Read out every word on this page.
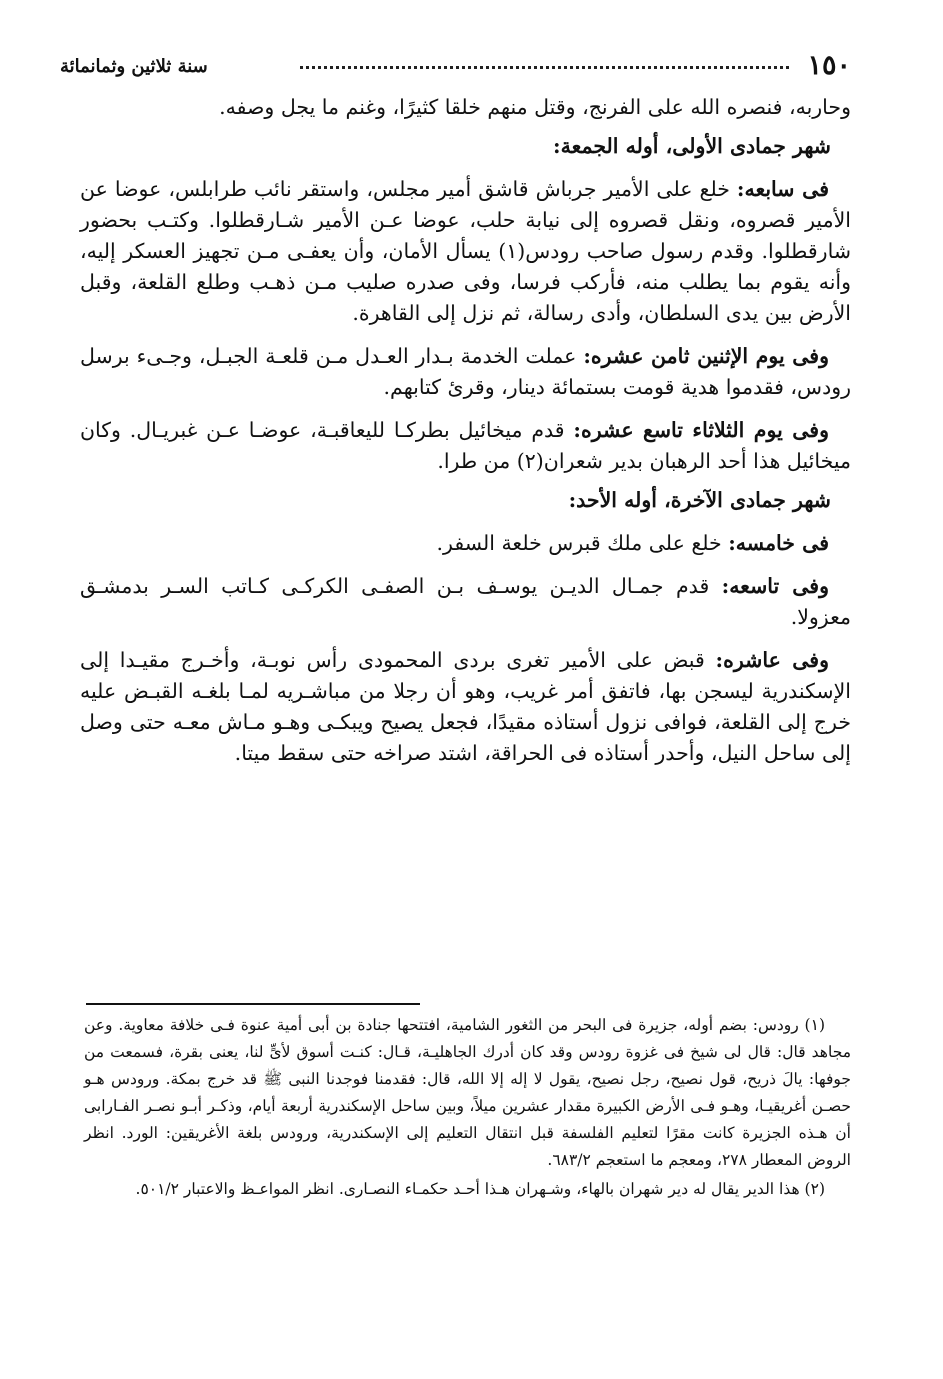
١٥٠
سنة ثلاثين وثمانمائة

وحاربه، فنصره الله على الفرنج، وقتل منهم خلقا كثيرًا، وغنم ما يجل وصفه.

شهر جمادى الأولى، أوله الجمعة:

فى سابعه: خلع على الأمير جرباش قاشق أمير مجلس، واستقر نائب طرابلس، عوضا عن الأمير قصروه، ونقل قصروه إلى نيابة حلب، عوضا عـن الأمير شـارقطلوا. وكتـب بحضور شارقطلوا. وقدم رسول صاحب رودس(١) يسأل الأمان، وأن يعفـى مـن تجهيز العسكر إليه، وأنه يقوم بما يطلب منه، فأركب فرسا، وفى صدره صليب مـن ذهـب وطلع القلعة، وقبل الأرض بين يدى السلطان، وأدى رسالة، ثم نزل إلى القاهرة.

وفى يوم الإثنين ثامن عشره: عملت الخدمة بـدار العـدل مـن قلعـة الجبـل، وجـىء برسل رودس، فقدموا هدية قومت بستمائة دينار، وقرئ كتابهم.

وفى يوم الثلاثاء تاسع عشره: قدم ميخائيل بطركـا لليعاقبـة، عوضـا عـن غبريـال. وكان ميخائيل هذا أحد الرهبان بدير شعران(٢) من طرا.

شهر جمادى الآخرة، أوله الأحد:

فى خامسه: خلع على ملك قبرس خلعة السفر.

وفى تاسعه: قدم جمـال الديـن يوسـف بـن الصفـى الكركـى كـاتب السـر بدمشـق معزولا.

وفى عاشره: قبض على الأمير تغرى بردى المحمودى رأس نوبـة، وأخـرج مقيـدا إلى الإسكندرية ليسجن بها، فاتفق أمر غريب، وهو أن رجلا من مباشـريه لمـا بلغـه القبـض عليه خرج إلى القلعة، فوافى نزول أستاذه مقيدًا، فجعل يصيح ويبكـى وهـو مـاش معـه حتى وصل إلى ساحل النيل، وأحدر أستاذه فى الحراقة، اشتد صراخه حتى سقط ميتا.

(١) رودس: بضم أوله، جزيرة فى البحر من الثغور الشامية، افتتحها جنادة بن أبى أمية عنوة فـى خلافة معاوية. وعن مجاهد قال: قال لى شيخ فى غزوة رودس وقد كان أدرك الجاهليـة، قـال: كنـت أسوق لأىٍّ لنا، يعنى بقرة، فسمعت من جوفها: يالَ ذريح، قول نصيح، رجل نصيح، يقول لا إله إلا الله، قال: فقدمنا فوجدنا النبى ﷺ قد خرج بمكة. ورودس هـو حصـن أغريقيـا، وهـو فـى الأرض الكبيرة مقدار عشرين ميلاً، وبين ساحل الإسكندرية أربعة أيام، وذكـر أبـو نصـر الفـارابى أن هـذه الجزيرة كانت مقرًا لتعليم الفلسفة قبل انتقال التعليم إلى الإسكندرية، ورودس بلغة الأغريقين: الورد. انظر الروض المعطار ٢٧٨، ومعجم ما استعجم ٦٨٣/٢.

(٢) هذا الدير يقال له دير شهران بالهاء، وشـهران هـذا أحـد حكمـاء النصـارى. انظر المواعـظ والاعتبار ٥٠١/٢.
